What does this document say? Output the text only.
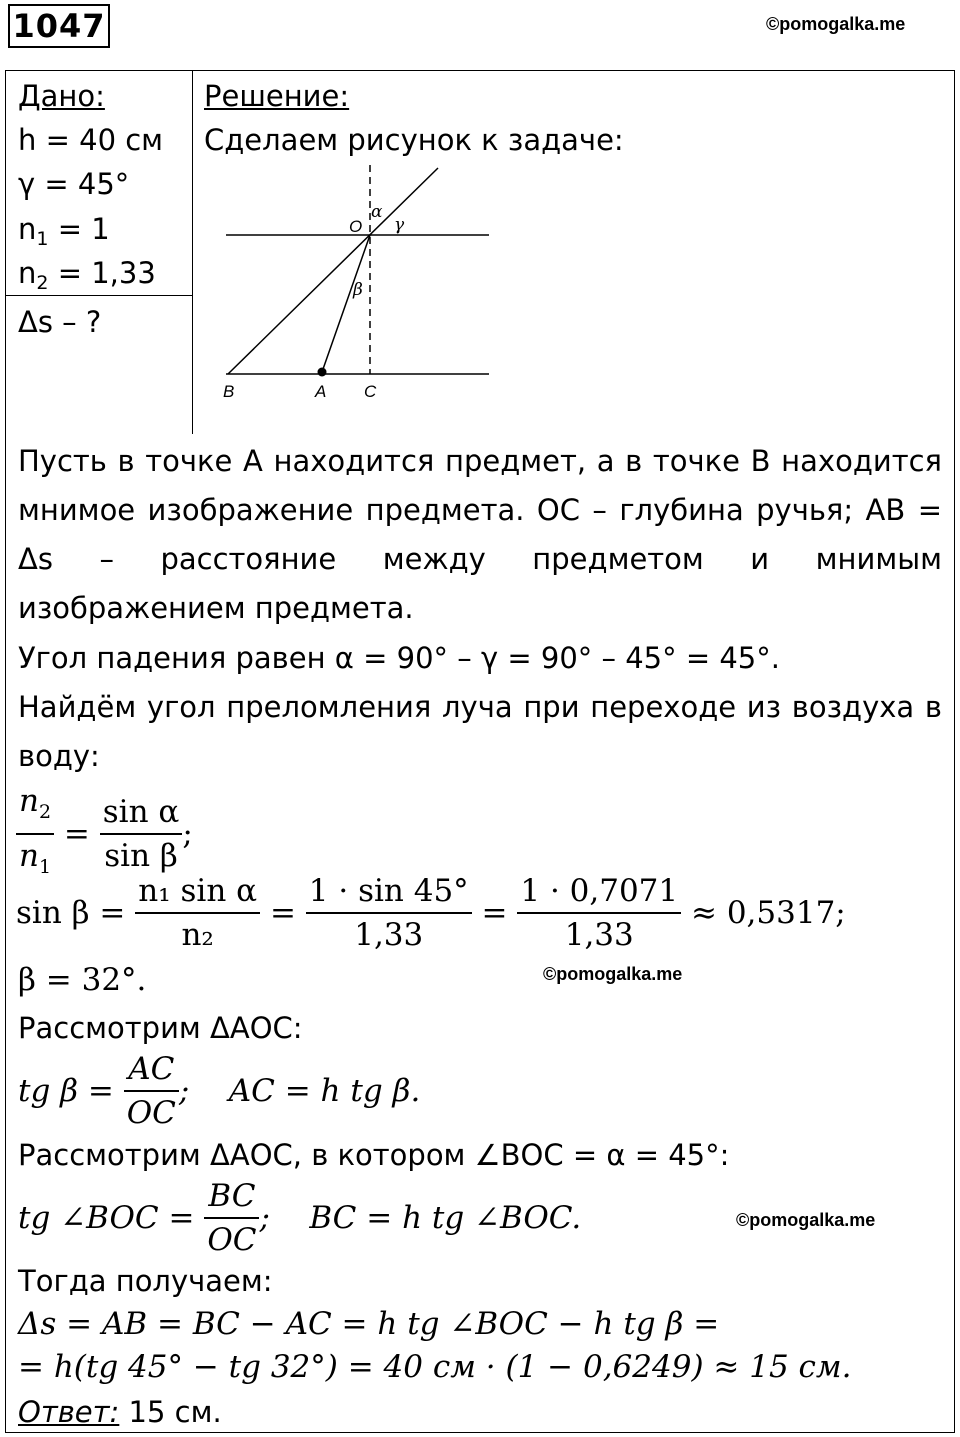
1047	©pomogalka.me
Дано:
h = 40 см
γ = 45°
$n_1 = 1$
$n_2 = 1,33$
Δs – ?
Решение:
Сделаем рисунок к задаче:
O
α
γ
β
B	A C
Пусть в точке А находится предмет, а в точке В находится мнимое изображение предмета. ОС – глубина ручья; АВ = Δs – расстояние между предметом и мнимым изображением предмета.
Угол падения равен α = 90° – γ = 90° – 45° = 45°.
Найдём угол преломления луча при переходе из воздуха в воду:
$\frac{n_2}{n_1} = \frac{\text{sin α}}{\text{sin β}}$ ;
$\sin \beta = \frac{\text{n₁ sin α}}{\text{n₂}} = \frac{1 \cdot \sin 45^\circ}{1,33} = \frac{1 \cdot 0,7071}{1,33} \approx 0,5317$;
β = 32°.	©pomogalka.me
Рассмотрим ΔАОС:
tg $\beta = \frac{AC}{OC}$ ;    AC = h tg β.
Рассмотрим ΔАОС, в котором ∠ВОС = α = 45°:
tg ∠BOC = $\frac{BC}{OC}$ ;    BC = h tg ∠BOC.	©pomogalka.me
Тогда получаем:
Δs = AB = BC − AC = h tg ∠BOC − h tg β =
= h(tg 45° − tg 32°) = 40 см · (1 − 0,6249) ≈ 15 см.
Ответ: 15 см.
